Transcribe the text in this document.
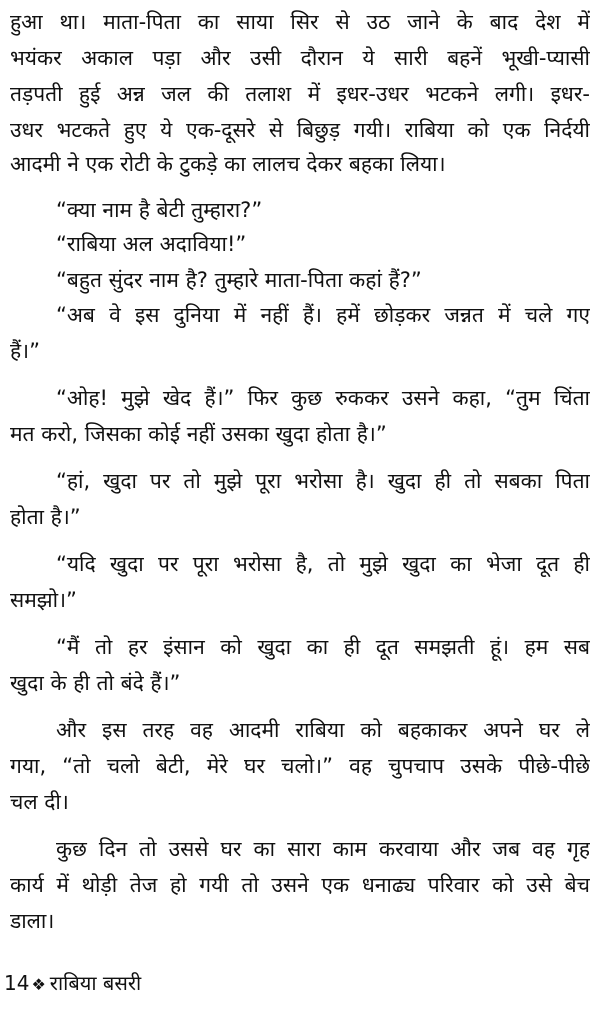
हुआ था। माता-पिता का साया सिर से उठ जाने के बाद देश में
भयंकर अकाल पड़ा और उसी दौरान ये सारी बहनें भूखी-प्यासी
तड़पती हुई अन्न जल की तलाश में इधर-उधर भटकने लगी। इधर-
उधर भटकते हुए ये एक-दूसरे से बिछुड़ गयी। राबिया को एक निर्दयी
आदमी ने एक रोटी के टुकड़े का लालच देकर बहका लिया।
“क्या नाम है बेटी तुम्हारा?”
“राबिया अल अदाविया!”
“बहुत सुंदर नाम है? तुम्हारे माता-पिता कहां हैं?”
“अब वे इस दुनिया में नहीं हैं। हमें छोड़कर जन्नत में चले गए
हैं।”
“ओह! मुझे खेद हैं।” फिर कुछ रुककर उसने कहा, “तुम चिंता
मत करो, जिसका कोई नहीं उसका खुदा होता है।”
“हां, खुदा पर तो मुझे पूरा भरोसा है। खुदा ही तो सबका पिता
होता है।”
“यदि खुदा पर पूरा भरोसा है, तो मुझे खुदा का भेजा दूत ही
समझो।”
“मैं तो हर इंसान को खुदा का ही दूत समझती हूं। हम सब
खुदा के ही तो बंदे हैं।”
और इस तरह वह आदमी राबिया को बहकाकर अपने घर ले
गया, “तो चलो बेटी, मेरे घर चलो।” वह चुपचाप उसके पीछे-पीछे
चल दी।
कुछ दिन तो उससे घर का सारा काम करवाया और जब वह गृह
कार्य में थोड़ी तेज हो गयी तो उसने एक धनाढ्य परिवार को उसे बेच
डाला।
14 ❖ राबिया बसरी
